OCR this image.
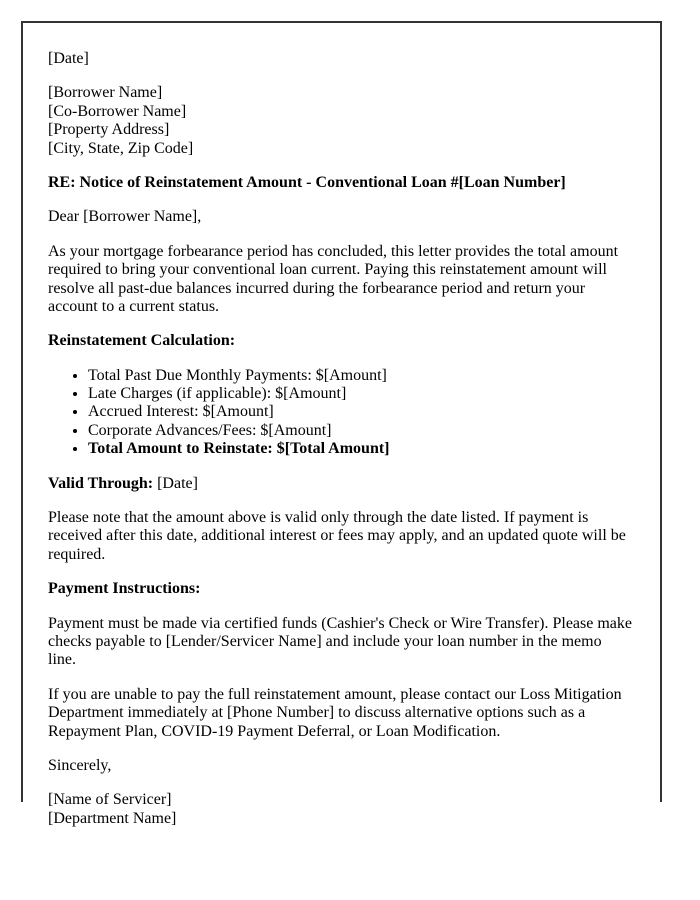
[Date]

[Borrower Name]
[Co-Borrower Name]
[Property Address]
[City, State, Zip Code]

RE: Notice of Reinstatement Amount - Conventional Loan #[Loan Number]

Dear [Borrower Name],

As your mortgage forbearance period has concluded, this letter provides the total amount
required to bring your conventional loan current. Paying this reinstatement amount will
resolve all past-due balances incurred during the forbearance period and return your
account to a current status.

Reinstatement Calculation:

• Total Past Due Monthly Payments: $[Amount]
• Late Charges (if applicable): $[Amount]
• Accrued Interest: $[Amount]
• Corporate Advances/Fees: $[Amount]
• Total Amount to Reinstate: $[Total Amount]

Valid Through: [Date]

Please note that the amount above is valid only through the date listed. If payment is
received after this date, additional interest or fees may apply, and an updated quote will be
required.

Payment Instructions:

Payment must be made via certified funds (Cashier's Check or Wire Transfer). Please make
checks payable to [Lender/Servicer Name] and include your loan number in the memo
line.

If you are unable to pay the full reinstatement amount, please contact our Loss Mitigation
Department immediately at [Phone Number] to discuss alternative options such as a
Repayment Plan, COVID-19 Payment Deferral, or Loan Modification.

Sincerely,

[Name of Servicer]
[Department Name]
